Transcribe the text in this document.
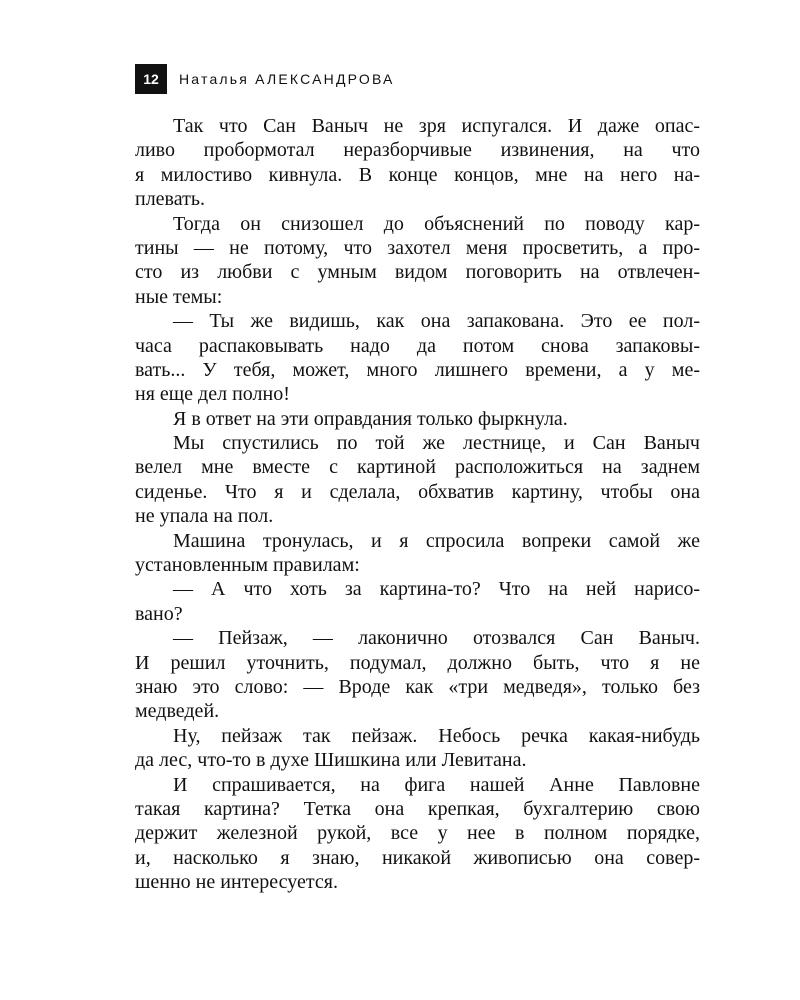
12	Наталья АЛЕКСАНДРОВА
Так что Сан Ваныч не зря испугался. И даже опас-
ливо пробормотал неразборчивые извинения, на что
я милостиво кивнула. В конце концов, мне на него на-
плевать.
Тогда он снизошел до объяснений по поводу кар-
тины — не потому, что захотел меня просветить, а про-
сто из любви с умным видом поговорить на отвлечен-
ные темы:
— Ты же видишь, как она запакована. Это ее пол-
часа распаковывать надо да потом снова запаковы-
вать... У тебя, может, много лишнего времени, а у ме-
ня еще дел полно!
Я в ответ на эти оправдания только фыркнула.
Мы спустились по той же лестнице, и Сан Ваныч
велел мне вместе с картиной расположиться на заднем
сиденье. Что я и сделала, обхватив картину, чтобы она
не упала на пол.
Машина тронулась, и я спросила вопреки самой же
установленным правилам:
— А что хоть за картина-то? Что на ней нарисо-
вано?
— Пейзаж, — лаконично отозвался Сан Ваныч.
И решил уточнить, подумал, должно быть, что я не
знаю это слово: — Вроде как «три медведя», только без
медведей.
Ну, пейзаж так пейзаж. Небось речка какая-нибудь
да лес, что-то в духе Шишкина или Левитана.
И спрашивается, на фига нашей Анне Павловне
такая картина? Тетка она крепкая, бухгалтерию свою
держит железной рукой, все у нее в полном порядке,
и, насколько я знаю, никакой живописью она совер-
шенно не интересуется.
